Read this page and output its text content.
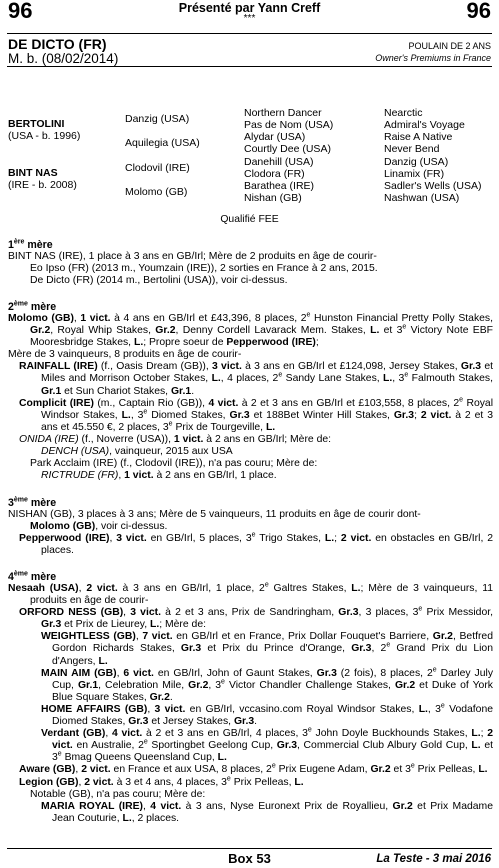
96	96
Présenté par Yann Creff
***
DE DICTO (FR)
M. b. (08/02/2014)
POULAIN DE 2 ANS
Owner's Premiums in France
BERTOLINI
(USA - b. 1996)
BINT NAS
(IRE - b. 2008)
Danzig (USA)
Aquilegia (USA)
Clodovil (IRE)
Molomo (GB)
Northern Dancer
Pas de Nom (USA)
Alydar (USA)
Courtly Dee (USA)
Danehill (USA)
Clodora (FR)
Barathea (IRE)
Nishan (GB)
Nearctic
Admiral's Voyage
Raise A Native
Never Bend
Danzig (USA)
Linamix (FR)
Sadler's Wells (USA)
Nashwan (USA)
Qualifié FEE
1ère mère
BINT NAS (IRE), 1 place à 3 ans en GB/Irl; Mère de 2 produits en âge de courir-
Eo Ipso (FR) (2013 m., Youmzain (IRE)), 2 sorties en France à 2 ans, 2015.
De Dicto (FR) (2014 m., Bertolini (USA)), voir ci-dessus.
2ème mère
Molomo (GB), 1 vict. à 4 ans en GB/Irl et £43,396, 8 places, 2e Hunston Financial Pretty Polly Stakes, Gr.2, Royal Whip Stakes, Gr.2, Denny Cordell Lavarack Mem. Stakes, L. et 3e Victory Note EBF Mooresbridge Stakes, L.; Propre soeur de Pepperwood (IRE);
Mère de 3 vainqueurs, 8 produits en âge de courir-
RAINFALL (IRE) (f., Oasis Dream (GB)), 3 vict. à 3 ans en GB/Irl et £124,098, Jersey Stakes, Gr.3 et Miles and Morrison October Stakes, L., 4 places, 2e Sandy Lane Stakes, L., 3e Falmouth Stakes, Gr.1 et Sun Chariot Stakes, Gr.1.
Complicit (IRE) (m., Captain Rio (GB)), 4 vict. à 2 et 3 ans en GB/Irl et £103,558, 8 places, 2e Royal Windsor Stakes, L., 3e Diomed Stakes, Gr.3 et 188Bet Winter Hill Stakes, Gr.3; 2 vict. à 2 et 3 ans et 45.550 €, 2 places, 3e Prix de Tourgeville, L.
ONIDA (IRE) (f., Noverre (USA)), 1 vict. à 2 ans en GB/Irl; Mère de:
DENCH (USA), vainqueur, 2015 aux USA
Park Acclaim (IRE) (f., Clodovil (IRE)), n'a pas couru; Mère de:
RICTRUDE (FR), 1 vict. à 2 ans en GB/Irl, 1 place.
3ème mère
NISHAN (GB), 3 places à 3 ans; Mère de 5 vainqueurs, 11 produits en âge de courir dont-
Molomo (GB), voir ci-dessus.
Pepperwood (IRE), 3 vict. en GB/Irl, 5 places, 3e Trigo Stakes, L.; 2 vict. en obstacles en GB/Irl, 2 places.
4ème mère
Nesaah (USA), 2 vict. à 3 ans en GB/Irl, 1 place, 2e Galtres Stakes, L.; Mère de 3 vainqueurs, 11 produits en âge de courir-
ORFORD NESS (GB), 3 vict. à 2 et 3 ans, Prix de Sandringham, Gr.3, 3 places, 3e Prix Messidor, Gr.3 et Prix de Lieurey, L.; Mère de:
WEIGHTLESS (GB), 7 vict. en GB/Irl et en France, Prix Dollar Fouquet's Barriere, Gr.2, Betfred Gordon Richards Stakes, Gr.3 et Prix du Prince d'Orange, Gr.3, 2e Grand Prix du Lion d'Angers, L.
MAIN AIM (GB), 6 vict. en GB/Irl, John of Gaunt Stakes, Gr.3 (2 fois), 8 places, 2e Darley July Cup, Gr.1, Celebration Mile, Gr.2, 3e Victor Chandler Challenge Stakes, Gr.2 et Duke of York Blue Square Stakes, Gr.2.
HOME AFFAIRS (GB), 3 vict. en GB/Irl, vccasino.com Royal Windsor Stakes, L., 3e Vodafone Diomed Stakes, Gr.3 et Jersey Stakes, Gr.3.
Verdant (GB), 4 vict. à 2 et 3 ans en GB/Irl, 4 places, 3e John Doyle Buckhounds Stakes, L.; 2 vict. en Australie, 2e Sportingbet Geelong Cup, Gr.3, Commercial Club Albury Gold Cup, L. et 3e Bmag Queens Queensland Cup, L.
Aware (GB), 2 vict. en France et aux USA, 8 places, 2e Prix Eugene Adam, Gr.2 et 3e Prix Pelleas, L.
Legion (GB), 2 vict. à 3 et 4 ans, 4 places, 3e Prix Pelleas, L.
Notable (GB), n'a pas couru; Mère de:
MARIA ROYAL (IRE), 4 vict. à 3 ans, Nyse Euronext Prix de Royallieu, Gr.2 et Prix Madame Jean Couturie, L., 2 places.
Box 53	La Teste - 3 mai 2016
